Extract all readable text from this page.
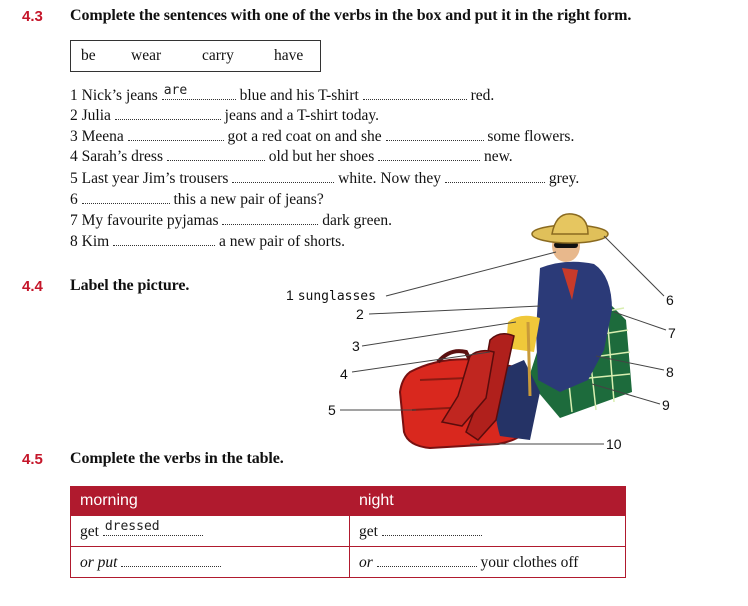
4.3 Complete the sentences with one of the verbs in the box and put it in the right form.
be wear	carry	have
1 Nick’s jeans are	blue and his T-shirt	red.
2 Julia	jeans and a T-shirt today.
3 Meena	got a red coat on and she	some flowers.
4 Sarah’s dress	old but her shoes	new.
5 Last year Jim’s trousers	white. Now they	grey.
6	this a new pair of jeans?
7 My favourite pyjamas	dark green.
8 Kim	a new pair of shorts.
4.4 Label the picture.
1 sunglasses
2
3
4
5
6
7
8
9
10
4.5 Complete the verbs in the table.
morning	night
get dressed	get
or put	or your clothes off
